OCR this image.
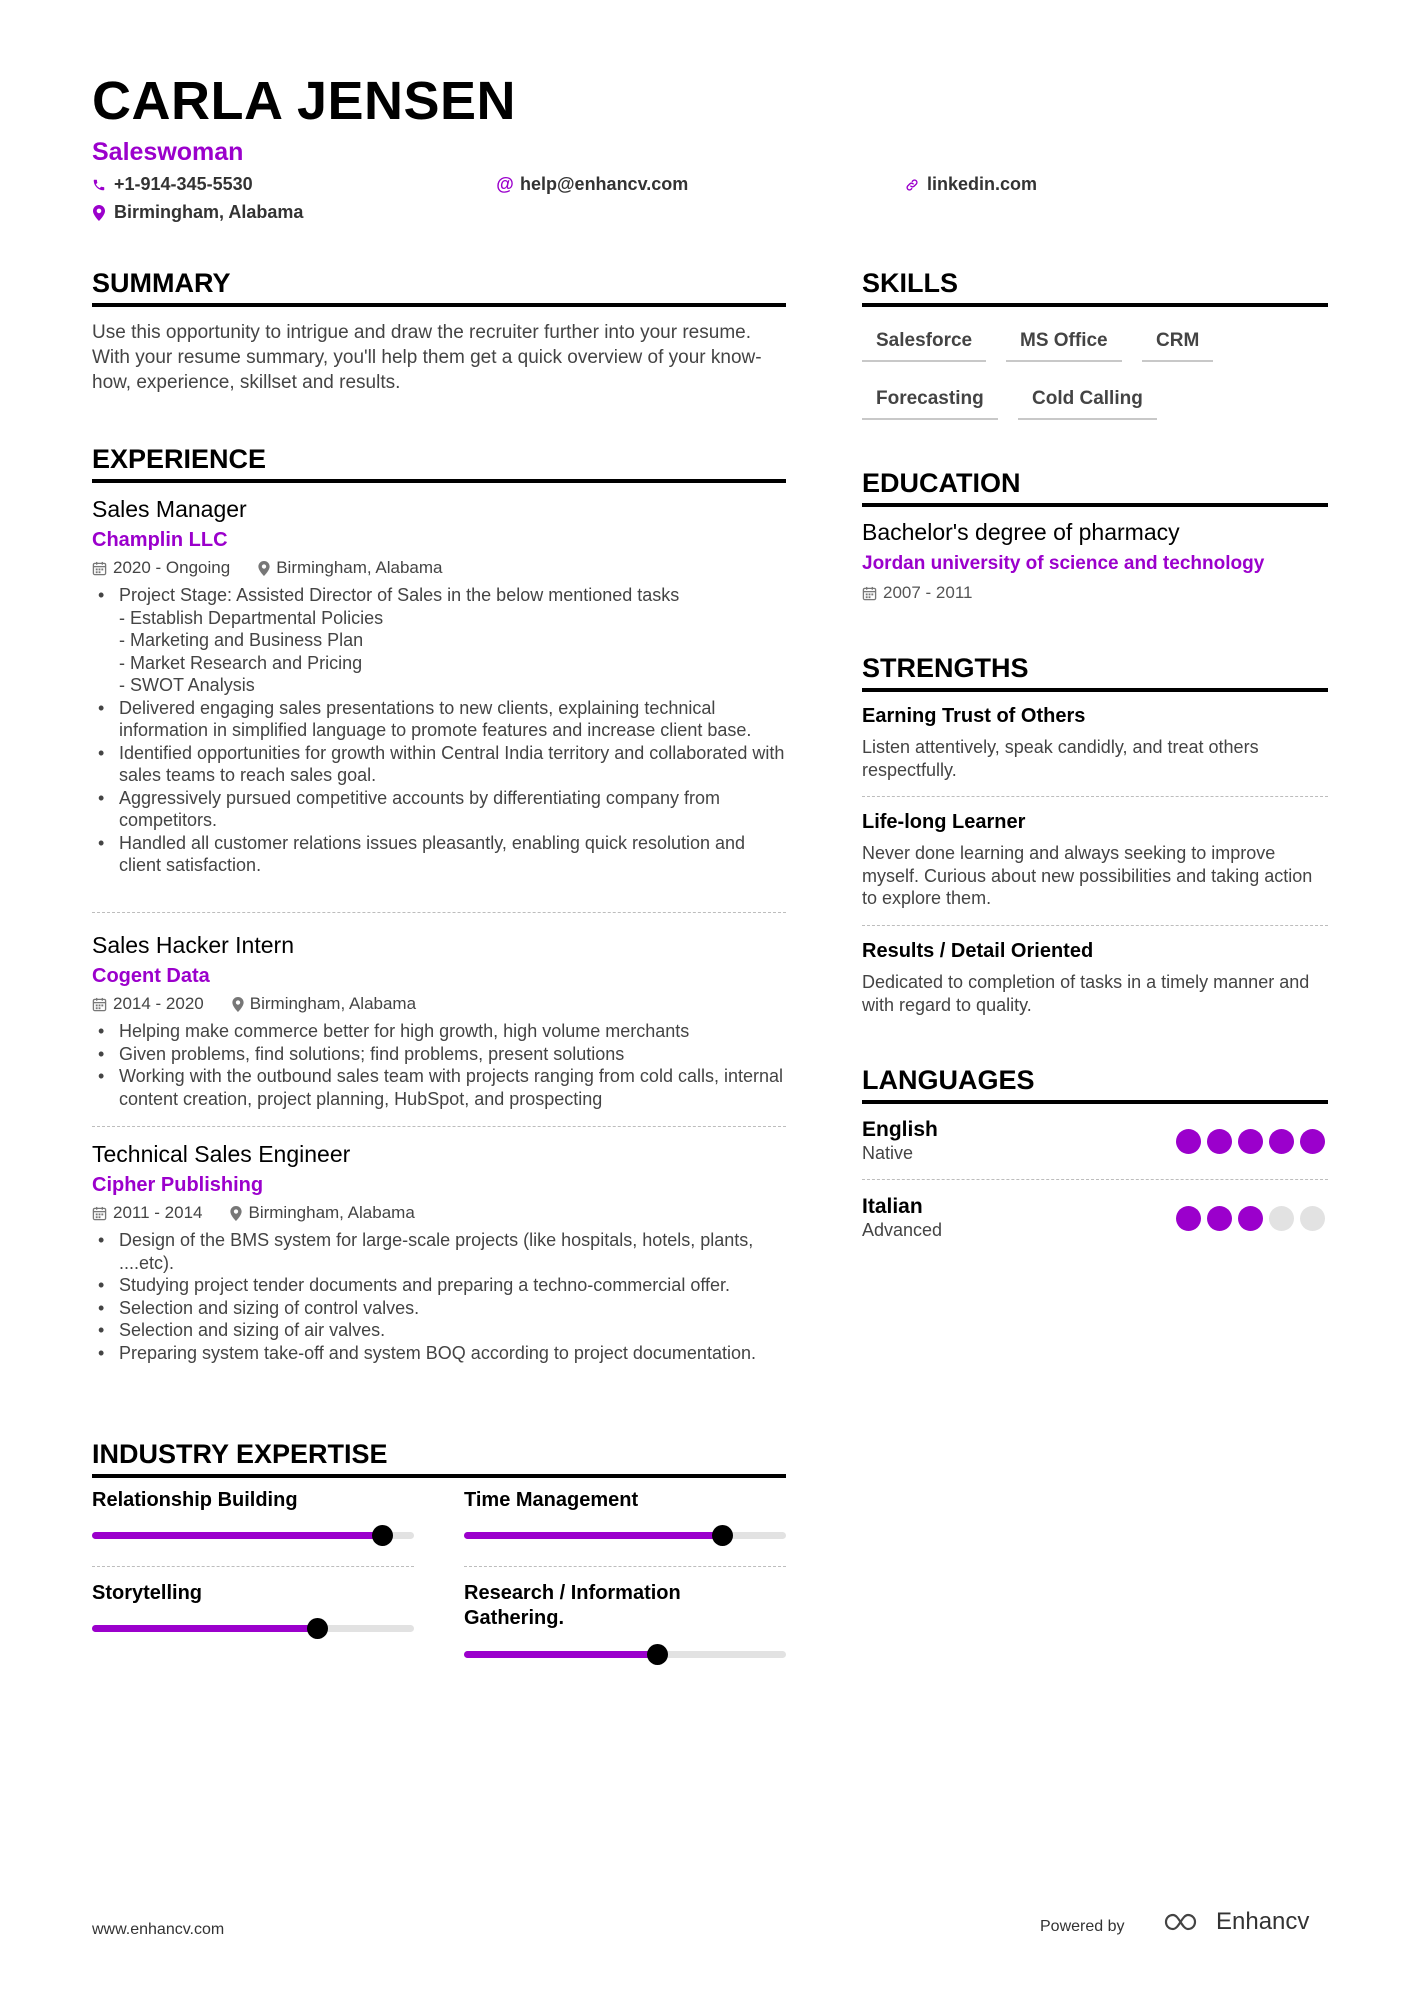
CARLA JENSEN
Saleswoman
+1-914-345-5530	@ help@enhancv.com	linkedin.com
Birmingham, Alabama
SUMMARY
Use this opportunity to intrigue and draw the recruiter further into your resume. With your resume summary, you'll help them get a quick overview of your know-how, experience, skillset and results.
EXPERIENCE
Sales Manager
Champlin LLC
2020 - Ongoing	Birmingham, Alabama
• Project Stage: Assisted Director of Sales in the below mentioned tasks
- Establish Departmental Policies
- Marketing and Business Plan
- Market Research and Pricing
- SWOT Analysis
• Delivered engaging sales presentations to new clients, explaining technical information in simplified language to promote features and increase client base.
• Identified opportunities for growth within Central India territory and collaborated with sales teams to reach sales goal.
• Aggressively pursued competitive accounts by differentiating company from competitors.
• Handled all customer relations issues pleasantly, enabling quick resolution and client satisfaction.
Sales Hacker Intern
Cogent Data
2014 - 2020	Birmingham, Alabama
• Helping make commerce better for high growth, high volume merchants
• Given problems, find solutions; find problems, present solutions
• Working with the outbound sales team with projects ranging from cold calls, internal content creation, project planning, HubSpot, and prospecting
Technical Sales Engineer
Cipher Publishing
2011 - 2014	Birmingham, Alabama
• Design of the BMS system for large-scale projects (like hospitals, hotels, plants, ....etc).
• Studying project tender documents and preparing a techno-commercial offer.
• Selection and sizing of control valves.
• Selection and sizing of air valves.
• Preparing system take-off and system BOQ according to project documentation.
INDUSTRY EXPERTISE
Relationship Building	Time Management
Storytelling	Research / Information Gathering.
SKILLS
Salesforce	MS Office	CRM
Forecasting	Cold Calling
EDUCATION
Bachelor's degree of pharmacy
Jordan university of science and technology
2007 - 2011
STRENGTHS
Earning Trust of Others
Listen attentively, speak candidly, and treat others respectfully.
Life-long Learner
Never done learning and always seeking to improve myself. Curious about new possibilities and taking action to explore them.
Results / Detail Oriented
Dedicated to completion of tasks in a timely manner and with regard to quality.
LANGUAGES
English
Native
Italian
Advanced
www.enhancv.com	Powered by	Enhancv
